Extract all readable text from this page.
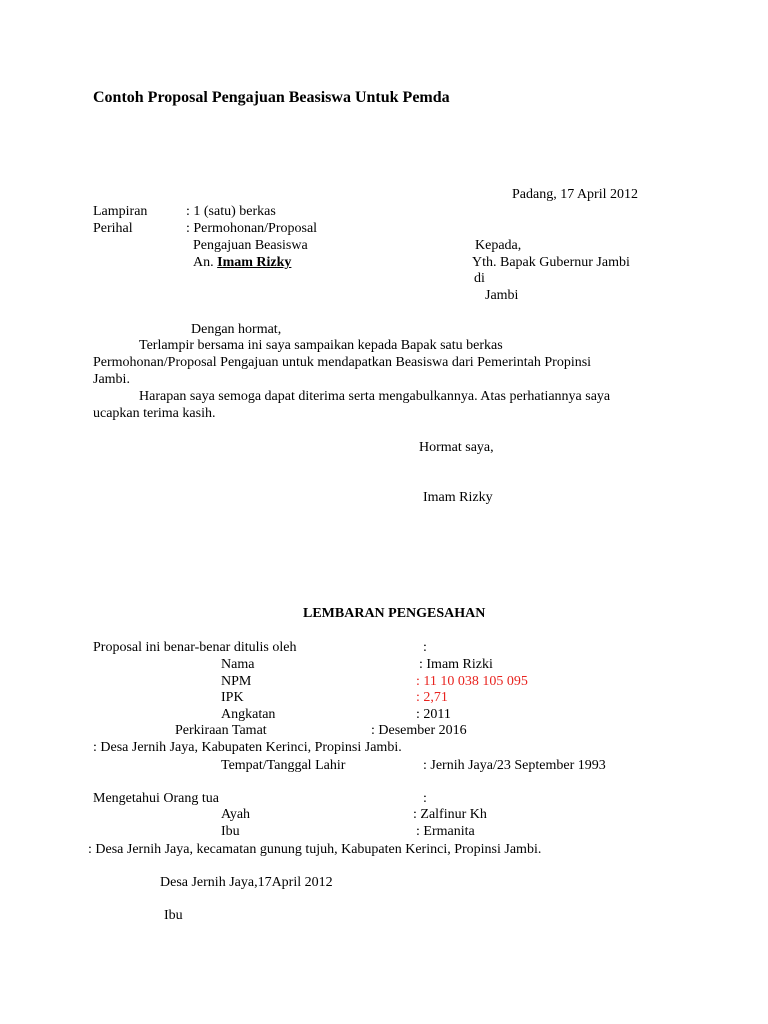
Contoh Proposal Pengajuan Beasiswa Untuk Pemda
Padang, 17 April 2012
Lampiran	: 1 (satu) berkas
Perihal	: Permohonan/Proposal
Pengajuan Beasiswa
An. Imam Rizky
Kepada,
Yth. Bapak Gubernur Jambi
di
Jambi
Dengan hormat,
Terlampir bersama ini saya sampaikan kepada Bapak satu berkas
Permohonan/Proposal Pengajuan untuk mendapatkan Beasiswa dari Pemerintah Propinsi
Jambi.
Harapan saya semoga dapat diterima serta mengabulkannya. Atas perhatiannya saya
ucapkan terima kasih.
Hormat saya,
Imam Rizky
LEMBARAN PENGESAHAN
Proposal ini benar-benar ditulis oleh	:
Nama	: Imam Rizki
NPM	: 11 10 038 105 095
IPK	: 2,71
Angkatan	: 2011
Perkiraan Tamat	: Desember 2016
: Desa Jernih Jaya, Kabupaten Kerinci, Propinsi Jambi.
Tempat/Tanggal Lahir	: Jernih Jaya/23 September 1993
Mengetahui Orang tua	:
Ayah	: Zalfinur Kh
Ibu	: Ermanita
: Desa Jernih Jaya, kecamatan gunung tujuh, Kabupaten Kerinci, Propinsi Jambi.
Desa Jernih Jaya,17April 2012
Ibu
